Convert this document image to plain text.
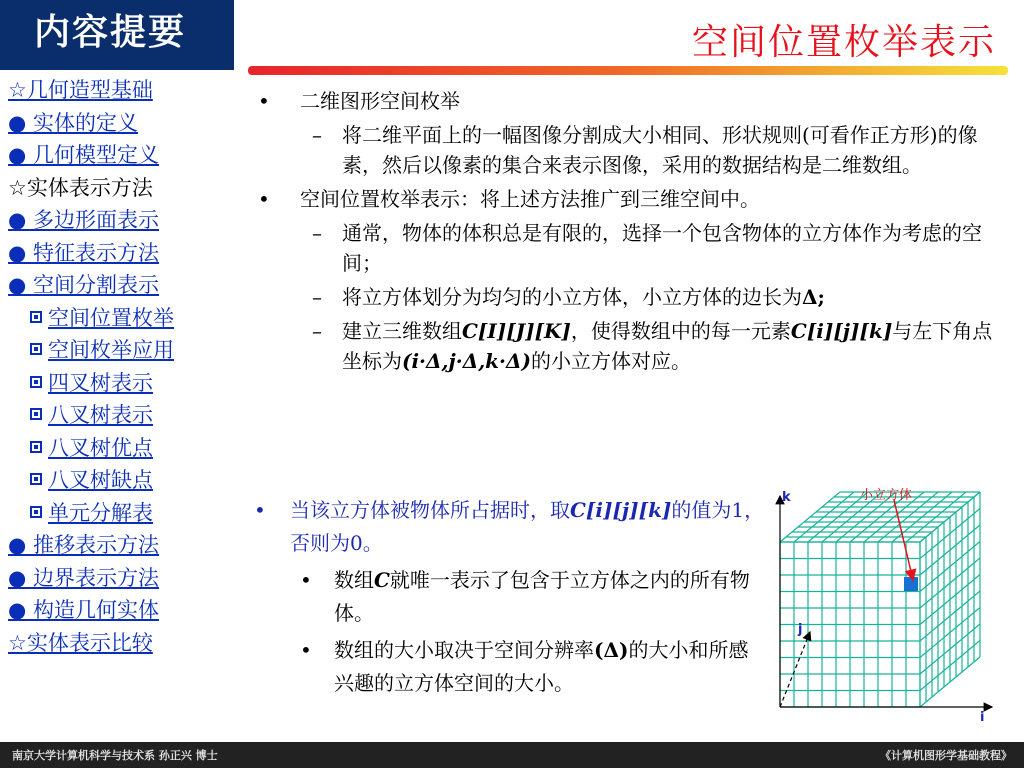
内容提要
☆几何造型基础
● 实体的定义
● 几何模型定义
☆实体表示方法
● 多边形面表示
● 特征表示方法
● 空间分割表示
空间位置枚举
空间枚举应用
四叉树表示
八叉树表示
八叉树优点
八叉树缺点
单元分解表
● 推移表示方法
● 边界表示方法
● 构造几何实体
☆实体表示比较
空间位置枚举表示
• 二维图形空间枚举
– 将二维平面上的一幅图像分割成大小相同、形状规则(可看作正方形)的像素，然后以像素的集合来表示图像，采用的数据结构是二维数组。
• 空间位置枚举表示：将上述方法推广到三维空间中。
– 通常，物体的体积总是有限的，选择一个包含物体的立方体作为考虑的空间；
– 将立方体划分为均匀的小立方体，小立方体的边长为Δ;
– 建立三维数组C[I][J][K]，使得数组中的每一元素C[i][j][k]与左下角点坐标为(i·Δ,j·Δ,k·Δ)的小立方体对应。
• 当该立方体被物体所占据时，取C[i][j][k]的值为1，否则为0。
• 数组C就唯一表示了包含于立方体之内的所有物体。
• 数组的大小取决于空间分辨率(Δ)的大小和所感兴趣的立方体空间的大小。
k
j
i
小立方体
南京大学计算机科学与技术系 孙正兴 博士	《计算机图形学基础教程》
